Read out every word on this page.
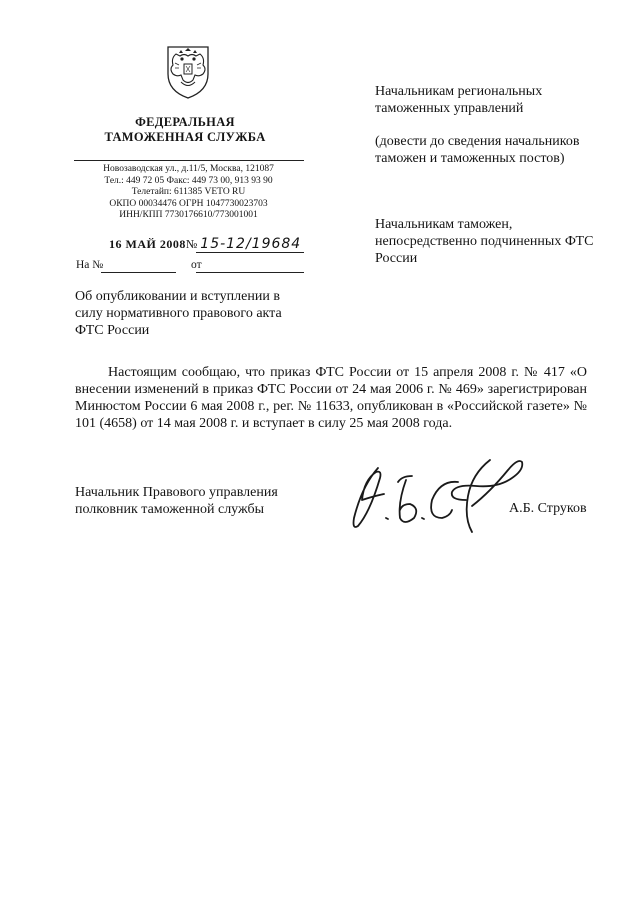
ФЕДЕРАЛЬНАЯ
ТАМОЖЕННАЯ СЛУЖБА
Новозаводская ул., д.11/5, Москва, 121087
Тел.: 449 72 05 Факс: 449 73 00, 913 93 90
Телетайп: 611385 VETO RU
ОКПО 00034476 ОГРН 1047730023703
ИНН/КПП 7730176610/773001001
16 МАЙ 2008№ 15-12/19684
На №	от
Начальникам региональных таможенных управлений
(довести до сведения начальников таможен и таможенных постов)
Начальникам таможен, непосредственно подчиненных ФТС России
Об опубликовании и вступлении в силу нормативного правового акта ФТС России

Настоящим сообщаю, что приказ ФТС России от 15 апреля 2008 г. № 417 «О внесении изменений в приказ ФТС России от 24 мая 2006 г. № 469» зарегистрирован Минюстом России 6 мая 2008 г., рег. № 11633, опубликован в «Российской газете» № 101 (4658) от 14 мая 2008 г. и вступает в силу 25 мая 2008 года.

Начальник Правового управления
полковник таможенной службы	А.Б. Струков
